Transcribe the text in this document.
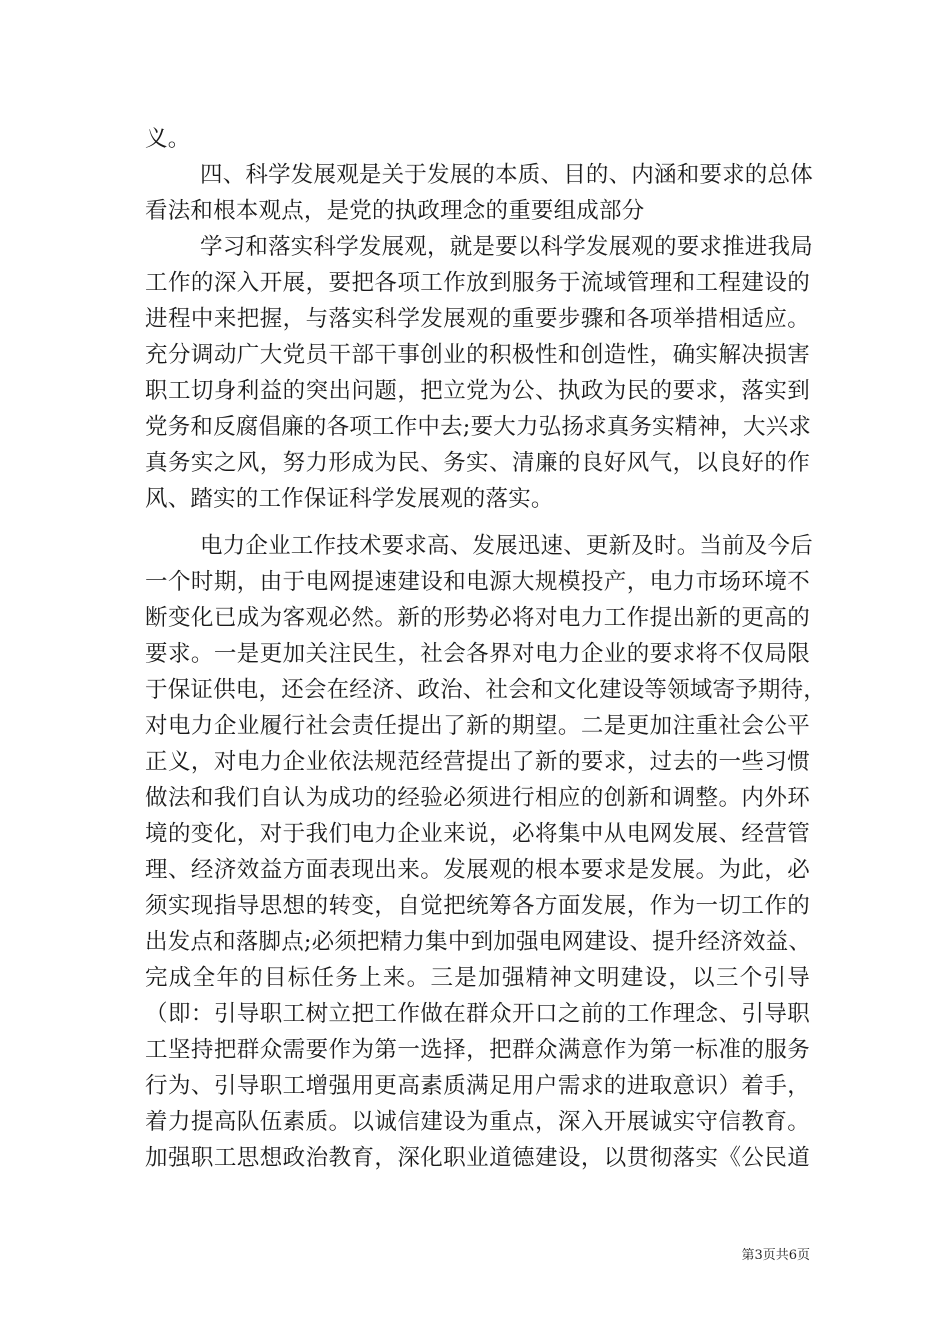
义。
四、科学发展观是关于发展的本质、目的、内涵和要求的总体
看法和根本观点，是党的执政理念的重要组成部分
学习和落实科学发展观，就是要以科学发展观的要求推进我局
工作的深入开展，要把各项工作放到服务于流域管理和工程建设的
进程中来把握，与落实科学发展观的重要步骤和各项举措相适应。
充分调动广大党员干部干事创业的积极性和创造性，确实解决损害
职工切身利益的突出问题，把立党为公、执政为民的要求，落实到
党务和反腐倡廉的各项工作中去;要大力弘扬求真务实精神，大兴求
真务实之风，努力形成为民、务实、清廉的良好风气，以良好的作
风、踏实的工作保证科学发展观的落实。
电力企业工作技术要求高、发展迅速、更新及时。当前及今后
一个时期，由于电网提速建设和电源大规模投产，电力市场环境不
断变化已成为客观必然。新的形势必将对电力工作提出新的更高的
要求。一是更加关注民生，社会各界对电力企业的要求将不仅局限
于保证供电，还会在经济、政治、社会和文化建设等领域寄予期待，
对电力企业履行社会责任提出了新的期望。二是更加注重社会公平
正义，对电力企业依法规范经营提出了新的要求，过去的一些习惯
做法和我们自认为成功的经验必须进行相应的创新和调整。内外环
境的变化，对于我们电力企业来说，必将集中从电网发展、经营管
理、经济效益方面表现出来。发展观的根本要求是发展。为此，必
须实现指导思想的转变，自觉把统筹各方面发展，作为一切工作的
出发点和落脚点;必须把精力集中到加强电网建设、提升经济效益、
完成全年的目标任务上来。三是加强精神文明建设，以三个引导
（即：引导职工树立把工作做在群众开口之前的工作理念、引导职
工坚持把群众需要作为第一选择，把群众满意作为第一标准的服务
行为、引导职工增强用更高素质满足用户需求的进取意识）着手，
着力提高队伍素质。以诚信建设为重点，深入开展诚实守信教育。
加强职工思想政治教育，深化职业道德建设，以贯彻落实《公民道
第3页共6页
